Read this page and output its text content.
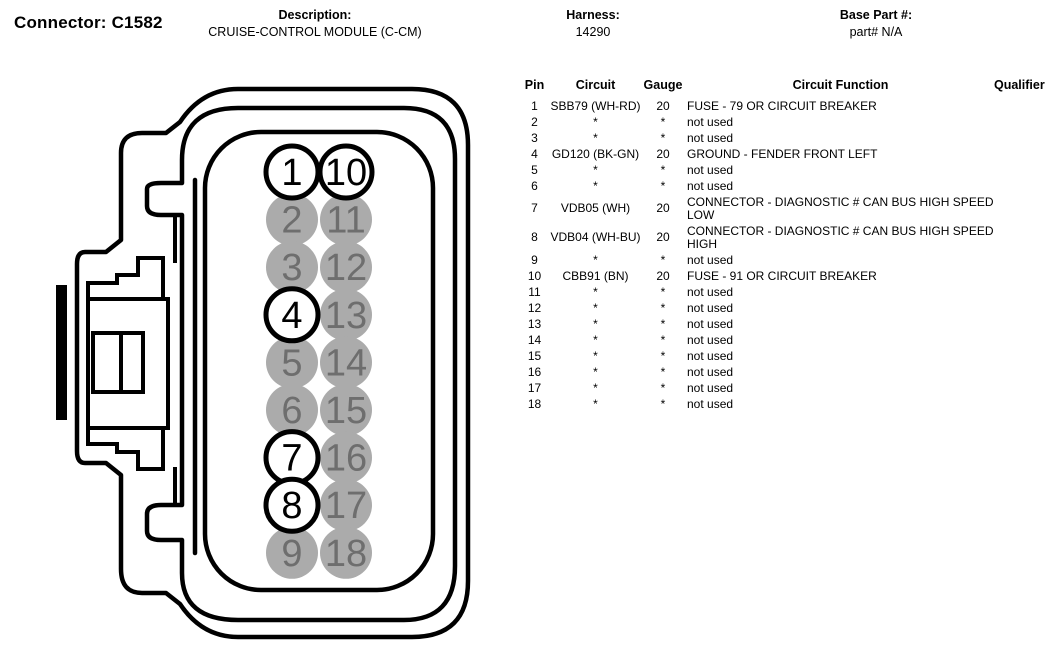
Connector: C1582	Description:
CRUISE-CONTROL MODULE (C-CM)
Harness:
14290
Base Part #:
part# N/A
2
3
5
6
9
11
12
13
14
15
16
17
18
1
4
7
8
10
Pin	Circuit	Gauge	Circuit Function	Qualifier
1	SBB79 (WH-RD)	20	FUSE - 79 OR CIRCUIT BREAKER
2	*	*	not used
3	*	*	not used
4	GD120 (BK-GN)	20	GROUND - FENDER FRONT LEFT
5	*	*	not used
6	*	*	not used
7	VDB05 (WH)	20	CONNECTOR - DIAGNOSTIC # CAN BUS HIGH SPEED LOW
8	VDB04 (WH-BU)	20	CONNECTOR - DIAGNOSTIC # CAN BUS HIGH SPEED HIGH
9	*	*	not used
10	CBB91 (BN)	20	FUSE - 91 OR CIRCUIT BREAKER
11	*	*	not used
12	*	*	not used
13	*	*	not used
14	*	*	not used
15	*	*	not used
16	*	*	not used
17	*	*	not used
18	*	*	not used
